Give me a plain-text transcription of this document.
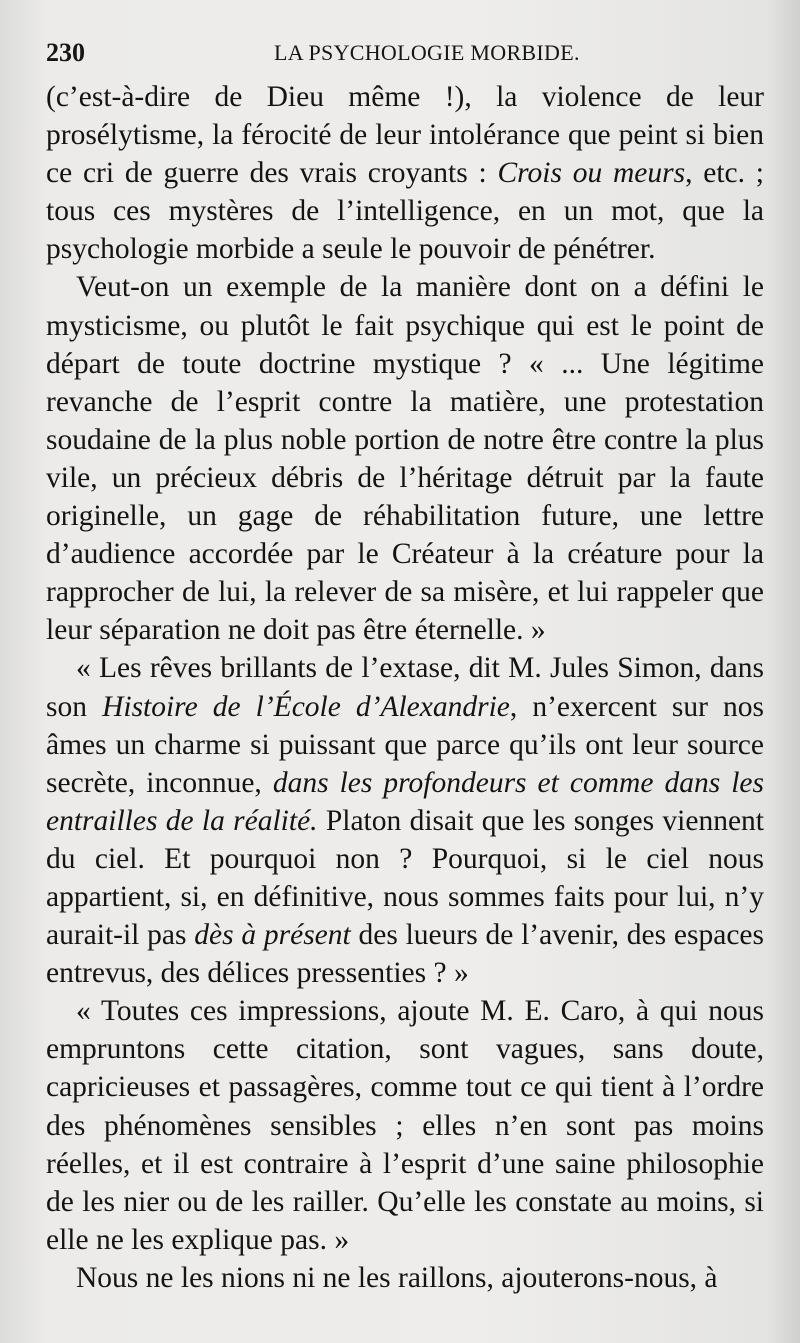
230	LA PSYCHOLOGIE MORBIDE.

(c’est-à-dire de Dieu même !), la violence de leur prosélytisme, la férocité de leur intolérance que peint si bien ce cri de guerre des vrais croyants : Crois ou meurs, etc. ; tous ces mystères de l’intelligence, en un mot, que la psychologie morbide a seule le pouvoir de pénétrer.

Veut-on un exemple de la manière dont on a défini le mysticisme, ou plutôt le fait psychique qui est le point de départ de toute doctrine mystique ? « ... Une légitime revanche de l’esprit contre la matière, une protestation soudaine de la plus noble portion de notre être contre la plus vile, un précieux débris de l’héritage détruit par la faute originelle, un gage de réhabilitation future, une lettre d’audience accordée par le Créateur à la créature pour la rapprocher de lui, la relever de sa misère, et lui rappeler que leur séparation ne doit pas être éternelle. »

« Les rêves brillants de l’extase, dit M. Jules Simon, dans son Histoire de l’École d’Alexandrie, n’exercent sur nos âmes un charme si puissant que parce qu’ils ont leur source secrète, inconnue, dans les profondeurs et comme dans les entrailles de la réalité. Platon disait que les songes viennent du ciel. Et pourquoi non ? Pourquoi, si le ciel nous appartient, si, en définitive, nous sommes faits pour lui, n’y aurait-il pas dès à présent des lueurs de l’avenir, des espaces entrevus, des délices pressenties ? »

« Toutes ces impressions, ajoute M. E. Caro, à qui nous empruntons cette citation, sont vagues, sans doute, capricieuses et passagères, comme tout ce qui tient à l’ordre des phénomènes sensibles ; elles n’en sont pas moins réelles, et il est contraire à l’esprit d’une saine philosophie de les nier ou de les railler. Qu’elle les constate au moins, si elle ne les explique pas. »

Nous ne les nions ni ne les raillons, ajouterons-nous, à
